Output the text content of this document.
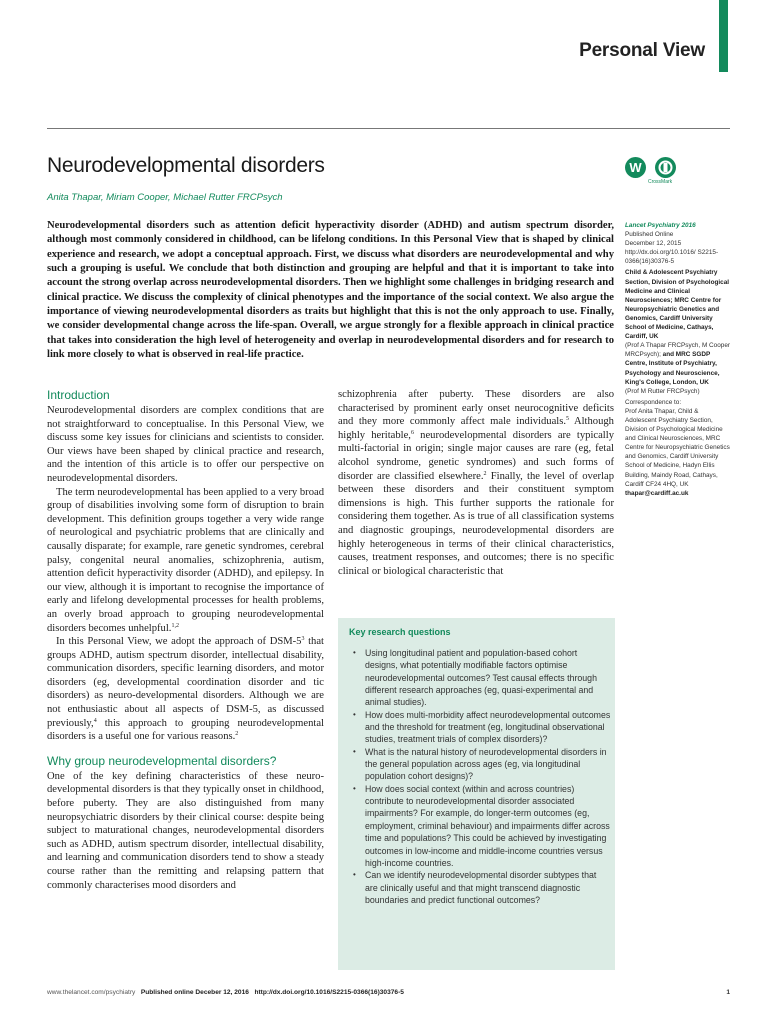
Personal View
Neurodevelopmental disorders
Anita Thapar, Miriam Cooper, Michael Rutter FRCPsych
W
CrossMark
Neurodevelopmental disorders such as attention deficit hyperactivity disorder (ADHD) and autism spectrum disorder, although most commonly considered in childhood, can be lifelong conditions. In this Personal View that is shaped by clinical experience and research, we adopt a conceptual approach. First, we discuss what disorders are neurodevelopmental and why such a grouping is useful. We conclude that both distinction and grouping are helpful and that it is important to take into account the strong overlap across neurodevelopmental disorders. Then we highlight some challenges in bridging research and clinical practice. We discuss the complexity of clinical phenotypes and the importance of the social context. We also argue the importance of viewing neurodevelopmental disorders as traits but highlight that this is not the only approach to use. Finally, we consider developmental change across the life-span. Overall, we argue strongly for a flexible approach in clinical practice that takes into consideration the high level of heterogeneity and overlap in neurodevelopmental disorders and for research to link more closely to what is observed in real-life practice.
Introduction

Neurodevelopmental disorders are complex conditions that are not straightforward to conceptualise. In this Personal View, we discuss some key issues for clinicians and scientists to consider. Our views have been shaped by clinical practice and research, and the intention of this article is to offer our perspective on neurodevelopmental disorders.

The term neurodevelopmental has been applied to a very broad group of disabilities involving some form of disruption to brain development. This definition groups together a very wide range of neurological and psychiatric problems that are clinically and causally disparate; for example, rare genetic syndromes, cerebral palsy, congenital neural anomalies, schizophrenia, autism, attention deficit hyperactivity disorder (ADHD), and epilepsy. In our view, although it is important to recognise the importance of early and lifelong developmental processes for health problems, an overly broad approach to grouping neurodevelopmental disorders becomes unhelpful.$^{1,2}$

In this Personal View, we adopt the approach of DSM-$5^3$ that groups ADHD, autism spectrum disorder, intellectual disability, communication disorders, specific learning disorders, and motor disorders (eg, developmental coordination disorder and tic disorders) as neuro-developmental disorders. Although we are not enthusiastic about all aspects of DSM-5, as discussed previously,$^4$ this approach to grouping neurodevelopmental disorders is a useful one for various reasons.$^2$

Why group neurodevelopmental disorders?

One of the key defining characteristics of these neuro-developmental disorders is that they typically onset in childhood, before puberty. They are also distinguished from many neuropsychiatric disorders by their clinical course: despite being subject to maturational changes, neurodevelopmental disorders such as ADHD, autism spectrum disorder, intellectual disability, and learning and communication disorders tend to show a steady course rather than the remitting and relapsing pattern that commonly characterises mood disorders and

schizophrenia after puberty. These disorders are also characterised by prominent early onset neurocognitive deficits and they more commonly affect male individuals.$^5$ Although highly heritable,$^6$ neurodevelopmental disorders are typically multi-factorial in origin; single major causes are rare (eg, fetal alcohol syndrome, genetic syndromes) and such forms of disorder are classified elsewhere.$^2$ Finally, the level of overlap between these disorders and their constituent symptom dimensions is high. This further supports the rationale for considering them together. As is true of all classification systems and diagnostic groupings, neurodevelopmental disorders are highly heterogeneous in terms of their clinical characteristics, causes, treatment responses, and outcomes; there is no specific clinical or biological characteristic that

Lancet Psychiatry 2016

Published Online
December 12, 2015
http://dx.doi.org/10.1016/ S2215-0366(16)30376-5

Child & Adolescent Psychiatry Section, Division of Psychological Medicine and Clinical Neurosciences; MRC Centre for Neuropsychiatric Genetics and Genomics, Cardiff University School of Medicine, Cathays, Cardiff, UK
(Prof A Thapar FRCPsych, M Cooper MRCPsych); and MRC SGDP Centre, Institute of Psychiatry, Psychology and Neuroscience, King's College, London, UK
(Prof M Rutter FRCPsych)

Correspondence to:
Prof Anita Thapar, Child & Adolescent Psychiatry Section, Division of Psychological Medicine and Clinical Neurosciences, MRC Centre for Neuropsychiatric Genetics and Genomics, Cardiff University School of Medicine, Hadyn Ellis Building, Maindy Road, Cathays, Cardiff CF24 4HQ, UK
thapar@cardiff.ac.uk

Key research questions
• Using longitudinal patient and population-based cohort designs, what potentially modifiable factors optimise neurodevelopmental outcomes? Test causal effects through different research approaches (eg, quasi-experimental and animal studies).
• How does multi-morbidity affect neurodevelopmental outcomes and the threshold for treatment (eg, longitudinal observational studies, treatment trials of complex disorders)?
• What is the natural history of neurodevelopmental disorders in the general population across ages (eg, via longitudinal population cohort designs)?
• How does social context (within and across countries) contribute to neurodevelopmental disorder associated impairments? For example, do longer-term outcomes (eg, employment, criminal behaviour) and impairments differ across time and populations? This could be achieved by investigating outcomes in low-income and middle-income countries versus high-income countries.
• Can we identify neurodevelopmental disorder subtypes that are clinically useful and that might transcend diagnostic boundaries and predict functional outcomes?
www.thelancet.com/psychiatry Published online Deceber 12, 2016 http://dx.doi.org/10.1016/S2215-0366(16)30376-5	1
